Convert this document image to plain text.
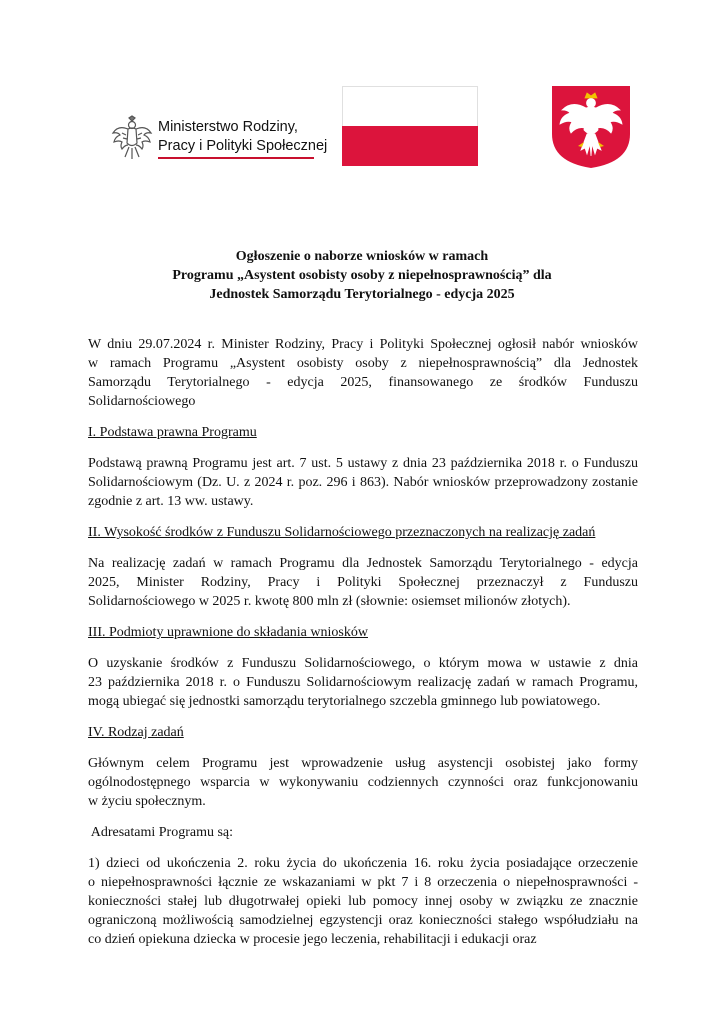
Ministerstwo Rodziny,
Pracy i Polityki Społecznej
Ogłoszenie o naborze wniosków w ramach
Programu „Asystent osobisty osoby z niepełnosprawnością” dla
Jednostek Samorządu Terytorialnego - edycja 2025

W dniu 29.07.2024 r. Minister Rodziny, Pracy i Polityki Społecznej ogłosił nabór wniosków
w ramach Programu „Asystent osobisty osoby z niepełnosprawnością” dla Jednostek
Samorządu Terytorialnego - edycja 2025, finansowanego ze środków Funduszu
Solidarnościowego

I. Podstawa prawna Programu

Podstawą prawną Programu jest art. 7 ust. 5 ustawy z dnia 23 października 2018 r. o Funduszu
Solidarnościowym (Dz. U. z 2024 r. poz. 296 i 863). Nabór wniosków przeprowadzony zostanie
zgodnie z art. 13 ww. ustawy.

II. Wysokość środków z Funduszu Solidarnościowego przeznaczonych na realizację zadań

Na realizację zadań w ramach Programu dla Jednostek Samorządu Terytorialnego - edycja
2025, Minister Rodziny, Pracy i Polityki Społecznej przeznaczył z Funduszu
Solidarnościowego w 2025 r. kwotę 800 mln zł (słownie: osiemset milionów złotych).

III. Podmioty uprawnione do składania wniosków

O uzyskanie środków z Funduszu Solidarnościowego, o którym mowa w ustawie z dnia
23 października 2018 r. o Funduszu Solidarnościowym realizację zadań w ramach Programu,
mogą ubiegać się jednostki samorządu terytorialnego szczebla gminnego lub powiatowego.

IV. Rodzaj zadań

Głównym celem Programu jest wprowadzenie usług asystencji osobistej jako formy
ogólnodostępnego wsparcia w wykonywaniu codziennych czynności oraz funkcjonowaniu
w życiu społecznym.

Adresatami Programu są:

1) dzieci od ukończenia 2. roku życia do ukończenia 16. roku życia posiadające orzeczenie
o niepełnosprawności łącznie ze wskazaniami w pkt 7 i 8 orzeczenia o niepełnosprawności -
konieczności stałej lub długotrwałej opieki lub pomocy innej osoby w związku ze znacznie
ograniczoną możliwością samodzielnej egzystencji oraz konieczności stałego współudziału na
co dzień opiekuna dziecka w procesie jego leczenia, rehabilitacji i edukacji oraz
